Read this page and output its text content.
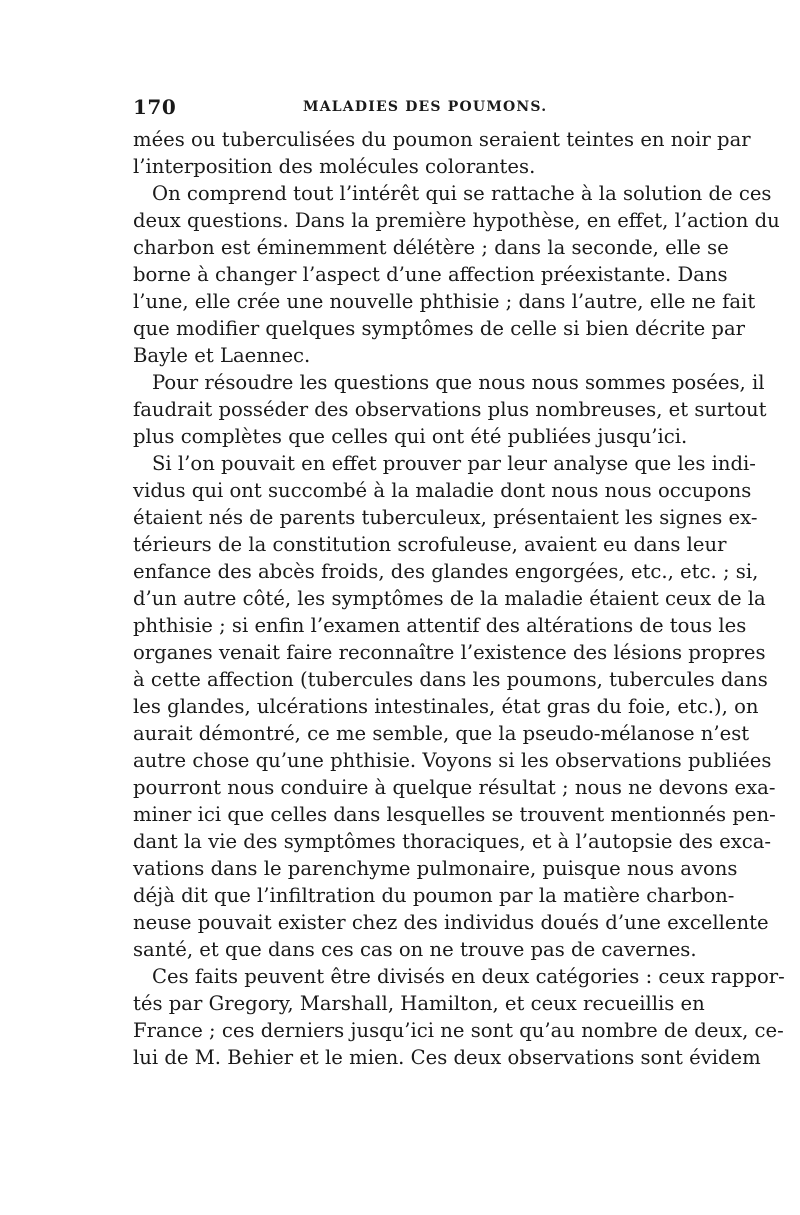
170	MALADIES DES POUMONS.
mées ou tuberculisées du poumon seraient teintes en noir par
l’interposition des molécules colorantes.
On comprend tout l’intérêt qui se rattache à la solution de ces
deux questions. Dans la première hypothèse, en effet, l’action du
charbon est éminemment délétère ; dans la seconde, elle se
borne à changer l’aspect d’une affection préexistante. Dans
l’une, elle crée une nouvelle phthisie ; dans l’autre, elle ne fait
que modifier quelques symptômes de celle si bien décrite par
Bayle et Laennec.
Pour résoudre les questions que nous nous sommes posées, il
faudrait posséder des observations plus nombreuses, et surtout
plus complètes que celles qui ont été publiées jusqu’ici.
Si l’on pouvait en effet prouver par leur analyse que les indi-
vidus qui ont succombé à la maladie dont nous nous occupons
étaient nés de parents tuberculeux, présentaient les signes ex-
térieurs de la constitution scrofuleuse, avaient eu dans leur
enfance des abcès froids, des glandes engorgées, etc., etc. ; si,
d’un autre côté, les symptômes de la maladie étaient ceux de la
phthisie ; si enfin l’examen attentif des altérations de tous les
organes venait faire reconnaître l’existence des lésions propres
à cette affection (tubercules dans les poumons, tubercules dans
les glandes, ulcérations intestinales, état gras du foie, etc.), on
aurait démontré, ce me semble, que la pseudo-mélanose n’est
autre chose qu’une phthisie. Voyons si les observations publiées
pourront nous conduire à quelque résultat ; nous ne devons exa-
miner ici que celles dans lesquelles se trouvent mentionnés pen-
dant la vie des symptômes thoraciques, et à l’autopsie des exca-
vations dans le parenchyme pulmonaire, puisque nous avons
déjà dit que l’infiltration du poumon par la matière charbon-
neuse pouvait exister chez des individus doués d’une excellente
santé, et que dans ces cas on ne trouve pas de cavernes.
Ces faits peuvent être divisés en deux catégories : ceux rappor-
tés par Gregory, Marshall, Hamilton, et ceux recueillis en
France ; ces derniers jusqu’ici ne sont qu’au nombre de deux, ce-
lui de M. Behier et le mien. Ces deux observations sont évidem
